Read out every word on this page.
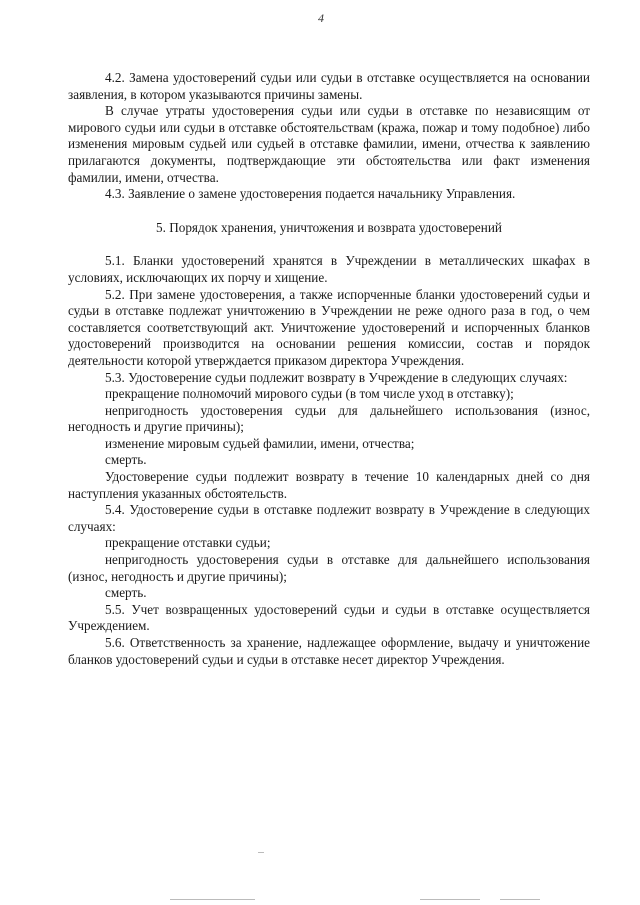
4

4.2. Замена удостоверений судьи или судьи в отставке осуществляется на основании заявления, в котором указываются причины замены.

В случае утраты удостоверения судьи или судьи в отставке по независящим от мирового судьи или судьи в отставке обстоятельствам (кража, пожар и тому подобное) либо изменения мировым судьей или судьей в отставке фамилии, имени, отчества к заявлению прилагаются документы, подтверждающие эти обстоятельства или факт изменения фамилии, имени, отчества.

4.3. Заявление о замене удостоверения подается начальнику Управления.

5. Порядок хранения, уничтожения и возврата удостоверений

5.1. Бланки удостоверений хранятся в Учреждении в металлических шкафах в условиях, исключающих их порчу и хищение.

5.2. При замене удостоверения, а также испорченные бланки удостоверений судьи и судьи в отставке подлежат уничтожению в Учреждении не реже одного раза в год, о чем составляется соответствующий акт. Уничтожение удостоверений и испорченных бланков удостоверений производится на основании решения комиссии, состав и порядок деятельности которой утверждается приказом директора Учреждения.

5.3. Удостоверение судьи подлежит возврату в Учреждение в следующих случаях:

прекращение полномочий мирового судьи (в том числе уход в отставку);

непригодность удостоверения судьи для дальнейшего использования (износ, негодность и другие причины);

изменение мировым судьей фамилии, имени, отчества;

смерть.

Удостоверение судьи подлежит возврату в течение 10 календарных дней со дня наступления указанных обстоятельств.

5.4. Удостоверение судьи в отставке подлежит возврату в Учреждение в следующих случаях:

прекращение отставки судьи;

непригодность удостоверения судьи в отставке для дальнейшего использования (износ, негодность и другие причины);

смерть.

5.5. Учет возвращенных удостоверений судьи и судьи в отставке осуществляется Учреждением.

5.6. Ответственность за хранение, надлежащее оформление, выдачу и уничтожение бланков удостоверений судьи и судьи в отставке несет директор Учреждения.
